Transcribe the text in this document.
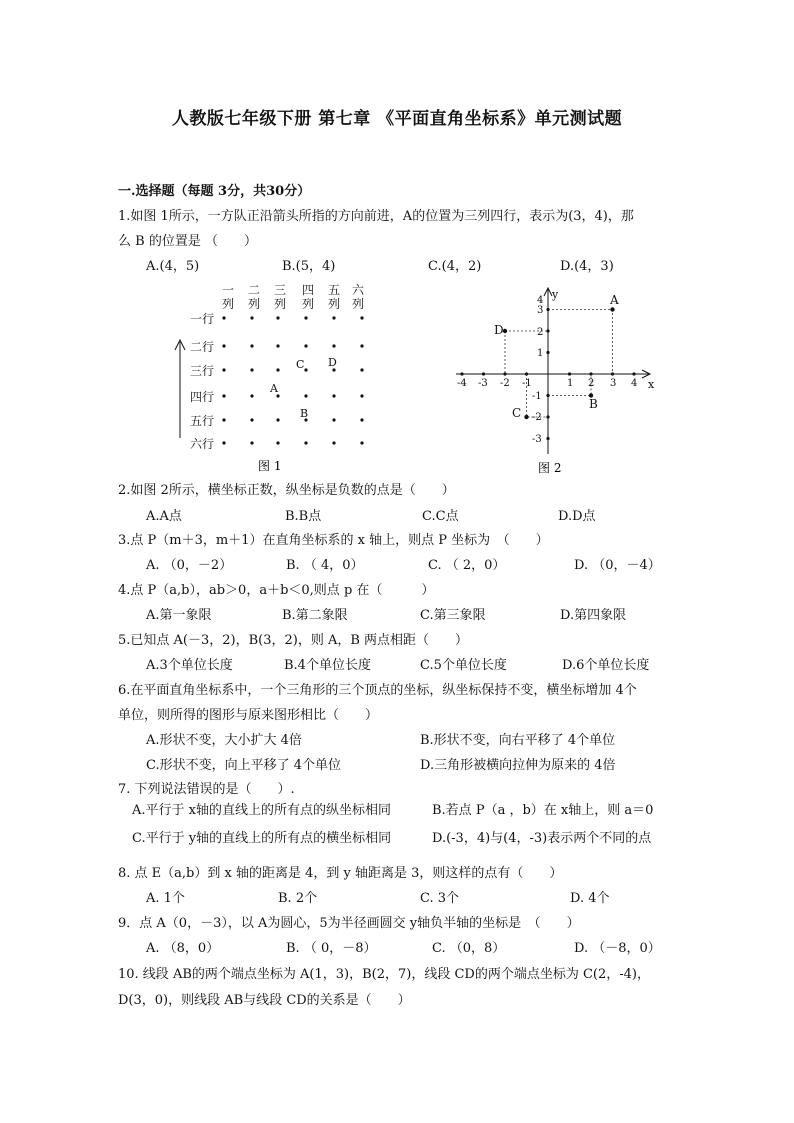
人教版七年级下册 第七章 《平面直角坐标系》单元测试题
一.选择题（每题 3分，共30分）
1.如图 1所示，一方队正沿箭头所指的方向前进，A的位置为三列四行，表示为(3，4)，那
么 B 的位置是 （　　）
A.(4，5)	B.(5，4)	C.(4，2)	D.(4，3)
一
列
二
列
三
列
四
列
五
列
六
列
一行
二行
三行
四行
五行
六行
C D
A
B
图 1
A
B
C
D
x
y
-4 -3 -2 -1	1 2 3 4
4
3
2
1
-1
-2
-3
图 2
2.如图 2所示，横坐标正数，纵坐标是负数的点是（　　）
A.A点	B.B点	C.C点	D.D点
3.点 P（m＋3，m＋1）在直角坐标系的 x 轴上，则点 P 坐标为　（　　）
A. （0，－2）	B. （ 4，0）	C. （ 2，0）	D. （0，－4）
4.点 P（a,b），ab＞0，a＋b＜0,则点 p 在（　　　）
A.第一象限	B.第二象限	C.第三象限	D.第四象限
5.已知点 A(－3，2)，B(3，2)，则 A，B 两点相距（　　）
A.3个单位长度	B.4个单位长度	C.5个单位长度	D.6个单位长度
6.在平面直角坐标系中，一个三角形的三个顶点的坐标，纵坐标保持不变，横坐标增加 4个
单位，则所得的图形与原来图形相比（　　）
A.形状不变，大小扩大 4倍	B.形状不变，向右平移了 4个单位
C.形状不变，向上平移了 4个单位	D.三角形被横向拉伸为原来的 4倍
7. 下列说法错误的是（　　）.
A.平行于 x轴的直线上的所有点的纵坐标相同	B.若点 P（a ，b）在 x轴上，则 a＝0
C.平行于 y轴的直线上的所有点的横坐标相同	D.(-3，4)与(4，-3)表示两个不同的点
8. 点 E（a,b）到 x 轴的距离是 4，到 y 轴距离是 3，则这样的点有（　　）
A. 1个	B. 2个	C. 3个	D. 4个
9．点 A（0，－3），以 A为圆心，5为半径画圆交 y轴负半轴的坐标是　（　　）
A. （8，0）	B. （ 0，－8）	C. （0，8）	D. （－8，0）
10. 线段 AB的两个端点坐标为 A(1，3)，B(2，7)，线段 CD的两个端点坐标为 C(2，-4)，
D(3，0)，则线段 AB与线段 CD的关系是（　　）
